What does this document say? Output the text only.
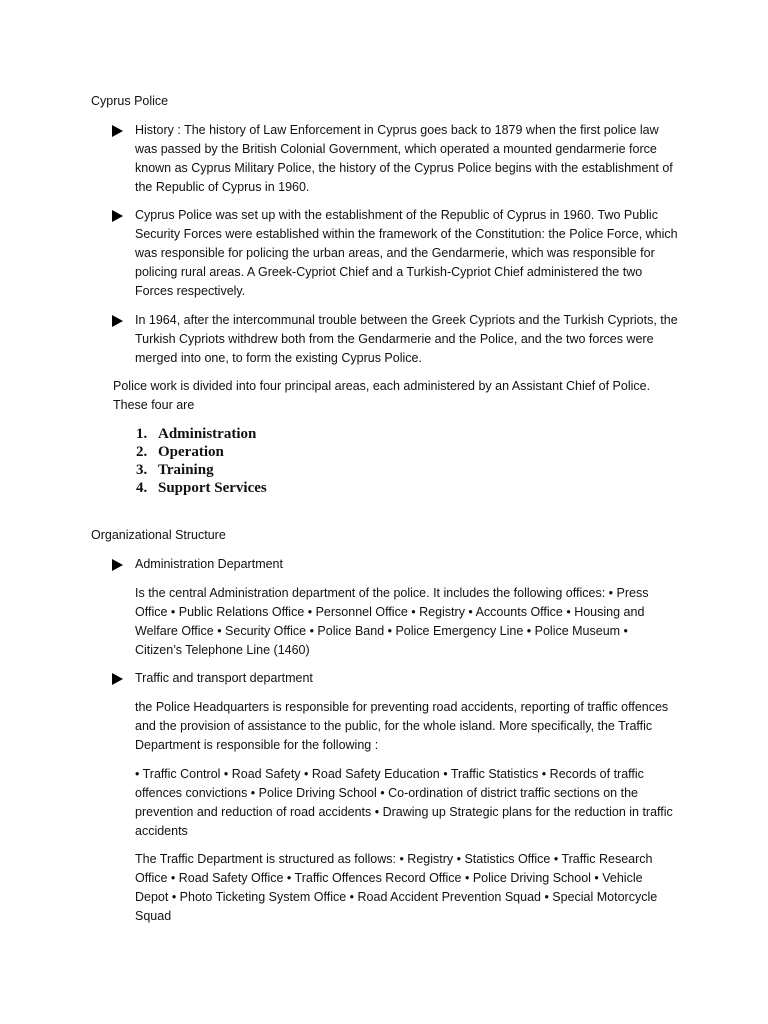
Cyprus Police
History : The history of Law Enforcement in Cyprus goes back to 1879 when the first police law was passed by the British Colonial Government, which operated a mounted gendarmerie force known as Cyprus Military Police, the history of the Cyprus Police begins with the establishment of the Republic of Cyprus in 1960.
Cyprus Police was set up with the establishment of the Republic of Cyprus in 1960. Two Public Security Forces were established within the framework of the Constitution: the Police Force, which was responsible for policing the urban areas, and the Gendarmerie, which was responsible for policing rural areas. A Greek-Cypriot Chief and a Turkish-Cypriot Chief administered the two Forces respectively.
In 1964, after the intercommunal trouble between the Greek Cypriots and the Turkish Cypriots, the Turkish Cypriots withdrew both from the Gendarmerie and the Police, and the two forces were merged into one, to form the existing Cyprus Police.

Police work is divided into four principal areas, each administered by an Assistant Chief of Police. These four are

1. Administration
2. Operation
3. Training
4. Support Services
Organizational Structure
Administration Department

Is the central Administration department of the police. It includes the following offices: • Press Office • Public Relations Office • Personnel Office • Registry • Accounts Office • Housing and Welfare Office • Security Office • Police Band • Police Emergency Line • Police Museum • Citizen’s Telephone Line (1460)

Traffic and transport department

the Police Headquarters is responsible for preventing road accidents, reporting of traffic offences and the provision of assistance to the public, for the whole island. More specifically, the Traffic Department is responsible for the following :

• Traffic Control • Road Safety • Road Safety Education • Traffic Statistics • Records of traffic offences convictions • Police Driving School • Co-ordination of district traffic sections on the prevention and reduction of road accidents • Drawing up Strategic plans for the reduction in traffic accidents

The Traffic Department is structured as follows: • Registry • Statistics Office • Traffic Research Office • Road Safety Office • Traffic Offences Record Office • Police Driving School • Vehicle Depot • Photo Ticketing System Office • Road Accident Prevention Squad • Special Motorcycle Squad
